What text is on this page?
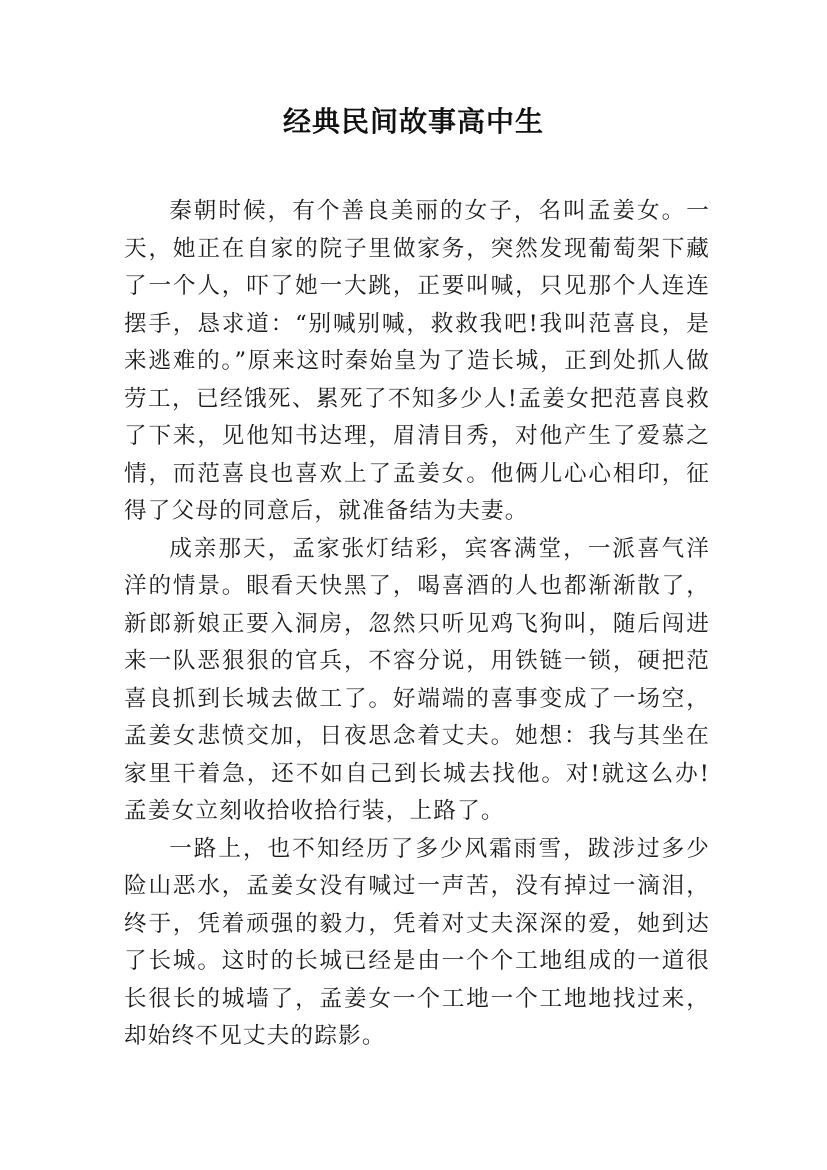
经典民间故事高中生

秦朝时候，有个善良美丽的女子，名叫孟姜女。一天，她正在自家的院子里做家务，突然发现葡萄架下藏了一个人，吓了她一大跳，正要叫喊，只见那个人连连摆手，恳求道：“别喊别喊，救救我吧!我叫范喜良，是来逃难的。”原来这时秦始皇为了造长城，正到处抓人做劳工，已经饿死、累死了不知多少人!孟姜女把范喜良救了下来，见他知书达理，眉清目秀，对他产生了爱慕之情，而范喜良也喜欢上了孟姜女。他俩儿心心相印，征得了父母的同意后，就准备结为夫妻。

成亲那天，孟家张灯结彩，宾客满堂，一派喜气洋洋的情景。眼看天快黑了，喝喜酒的人也都渐渐散了，新郎新娘正要入洞房，忽然只听见鸡飞狗叫，随后闯进来一队恶狠狠的官兵，不容分说，用铁链一锁，硬把范喜良抓到长城去做工了。好端端的喜事变成了一场空，孟姜女悲愤交加，日夜思念着丈夫。她想：我与其坐在家里干着急，还不如自己到长城去找他。对!就这么办!孟姜女立刻收拾收拾行装，上路了。

一路上，也不知经历了多少风霜雨雪，跋涉过多少险山恶水，孟姜女没有喊过一声苦，没有掉过一滴泪，终于，凭着顽强的毅力，凭着对丈夫深深的爱，她到达了长城。这时的长城已经是由一个个工地组成的一道很长很长的城墙了，孟姜女一个工地一个工地地找过来，却始终不见丈夫的踪影。
